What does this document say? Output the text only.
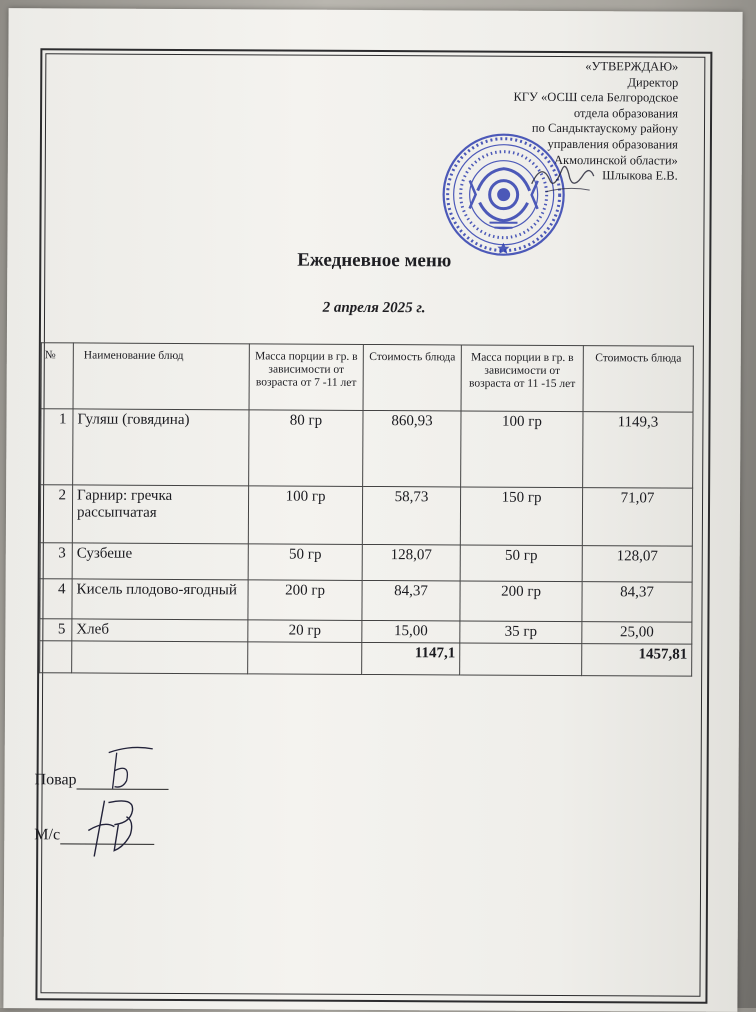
«УТВЕРЖДАЮ»
Директор
КГУ «ОСШ села Белгородское
отдела образования
по Сандыктаускому району
управления образования
Акмолинской области»
Шлыкова Е.В.
Ежедневное меню
2 апреля 2025 г.
№	Наименование блюд	Масса порции в гр. в зависимости от возраста от 7 -11 лет	Стоимость блюда	Масса порции в гр. в зависимости от возраста от 11 -15 лет	Стоимость блюда
1	Гуляш (говядина)	80 гр	860,93	100 гр	1149,3
2	Гарнир: гречка рассыпчатая	100 гр	58,73	150 гр	71,07
3	Сузбеше	50 гр	128,07	50 гр	128,07
4	Кисель плодово-ягодный	200 гр	84,37	200 гр	84,37
5	Хлеб	20 гр	15,00	35 гр	25,00
			1147,1		1457,81
Повар
М/с
